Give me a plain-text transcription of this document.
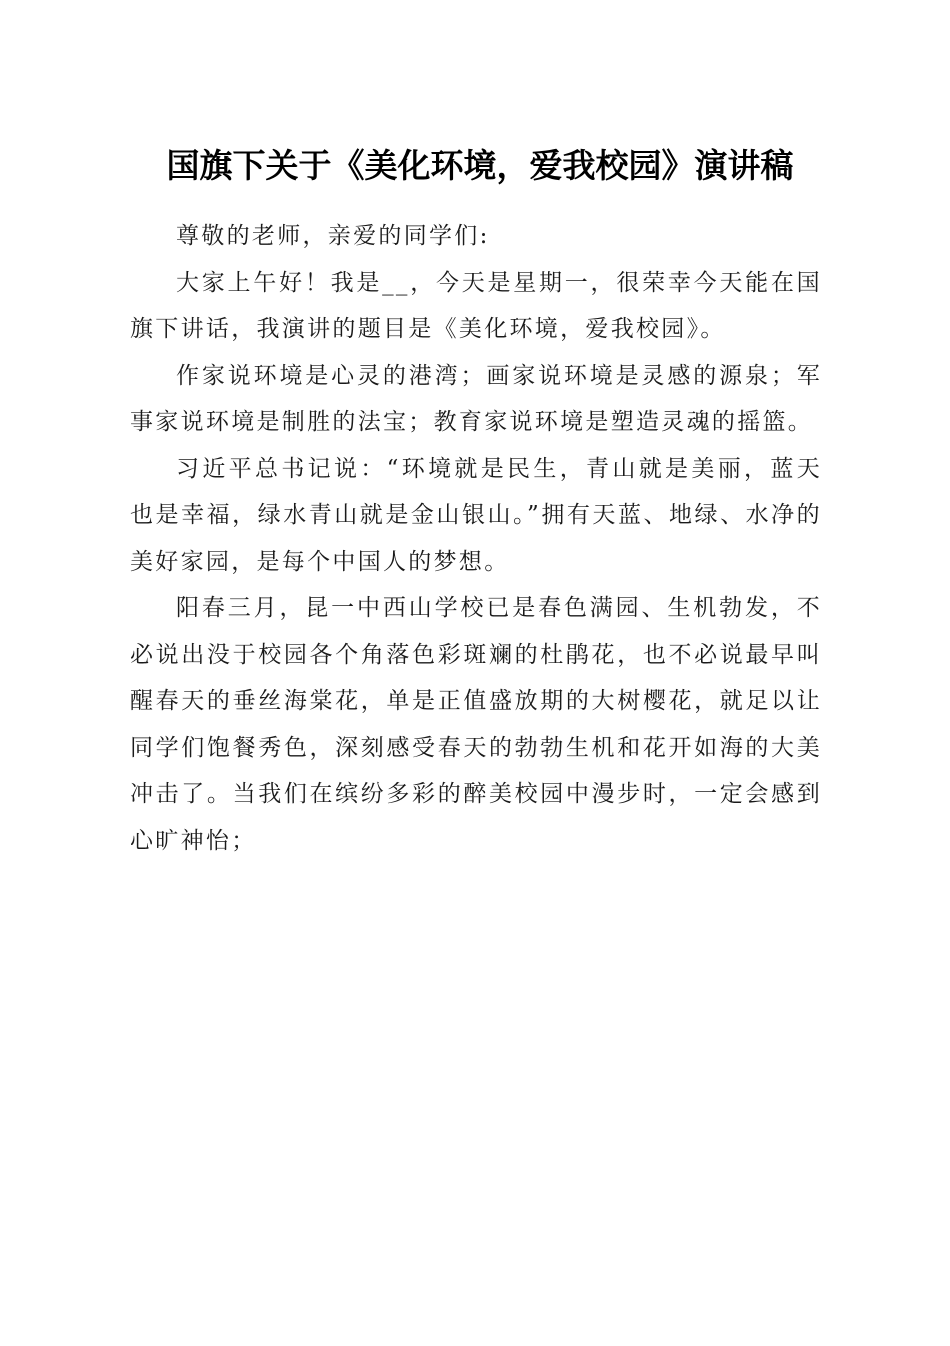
国旗下关于《美化环境，爱我校园》演讲稿

尊敬的老师，亲爱的同学们:

大家上午好！我是__，今天是星期一，很荣幸今天能在国旗下讲话，我演讲的题目是《美化环境，爱我校园》。

作家说环境是心灵的港湾；画家说环境是灵感的源泉；军事家说环境是制胜的法宝；教育家说环境是塑造灵魂的摇篮。

习近平总书记说：“环境就是民生，青山就是美丽，蓝天也是幸福，绿水青山就是金山银山。”拥有天蓝、地绿、水净的美好家园，是每个中国人的梦想。

阳春三月，昆一中西山学校已是春色满园、生机勃发，不必说出没于校园各个角落色彩斑斓的杜鹃花，也不必说最早叫醒春天的垂丝海棠花，单是正值盛放期的大树樱花，就足以让同学们饱餐秀色，深刻感受春天的勃勃生机和花开如海的大美冲击了。当我们在缤纷多彩的醉美校园中漫步时，一定会感到心旷神怡；
